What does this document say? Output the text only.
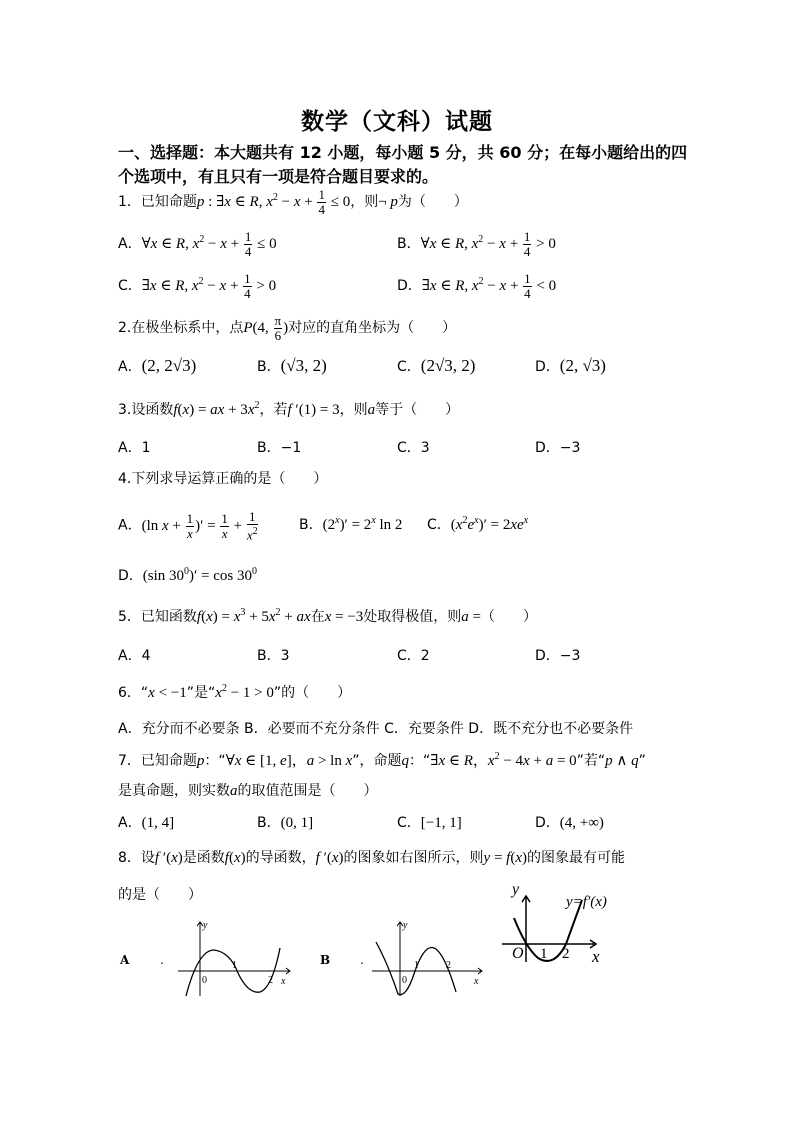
数学（文科）试题
一、选择题：本大题共有 12 小题，每小题 5 分，共 60 分；在每小题给出的四
个选项中，有且只有一项是符合题目要求的。
1．已知命题p : ∃x ∈ R, $x^2 - x + \frac{1}{4} \le 0$，则¬ p为（　　）
A．∀x ∈ R, $x^2 - x + \frac{1}{4} \le 0$	B．∀x ∈ R, $x^2 - x + \frac{1}{4} > 0$
C．∃x ∈ R, $x^2 - x + \frac{1}{4} > 0$	D．∃x ∈ R, $x^2 - x + \frac{1}{4} < 0$
2.在极坐标系中，点P(4, $\frac{\pi}{6}$ )对应的直角坐标为（　　）
A．(2, 2√3)	B．(√3, 2)	C．(2√3, 2)	D．(2, √3)
3.设函数f(x) = ax + $3x^2$，若f ′(1) = 3，则a等于（　　）
A．1	B．−1	C．3	D．−3
4.下列求导运算正确的是（　　）
A．(ln $x + \frac{1}{x}$ )′ = $\frac{1}{x} + \frac{1}{x^2}$	B．$(2^x)' = 2^x$ ln 2 C．$(x^2e^x)' = 2xe^x$
D．(sin $30^0)' = \cos 30^0$
5．已知函数$f(x) = x^3 + 5x^2$ + ax在x = −3处取得极值，则a =（　　）
A．4	B．3	C．2	D．−3
6．“x < −1”是“$x^2 - 1 > 0$”的（　　）
A．充分而不必要条 B．必要而不充分条件 C．充要条件 D．既不充分也不必要条件
7．已知命题p：“∀x ∈ [1, e]，a > ln x”，命题q：“∃x ∈ R，$x^2 - 4x + a = 0$”若“p ∧ q”
是真命题，则实数a的取值范围是（　　）
A．(1, 4]	B．(0, 1]	C．[−1, 1]	D．(4, +∞)
8．设f ′(x)是函数f(x)的导函数，f ′(x)的图象如右图所示，则y = f(x)的图象最有可能
的是（　　）	y
O 1 2 x
y=f′(x)
A	.
y
0
1
2 x
B .
y
0
1	2
x
